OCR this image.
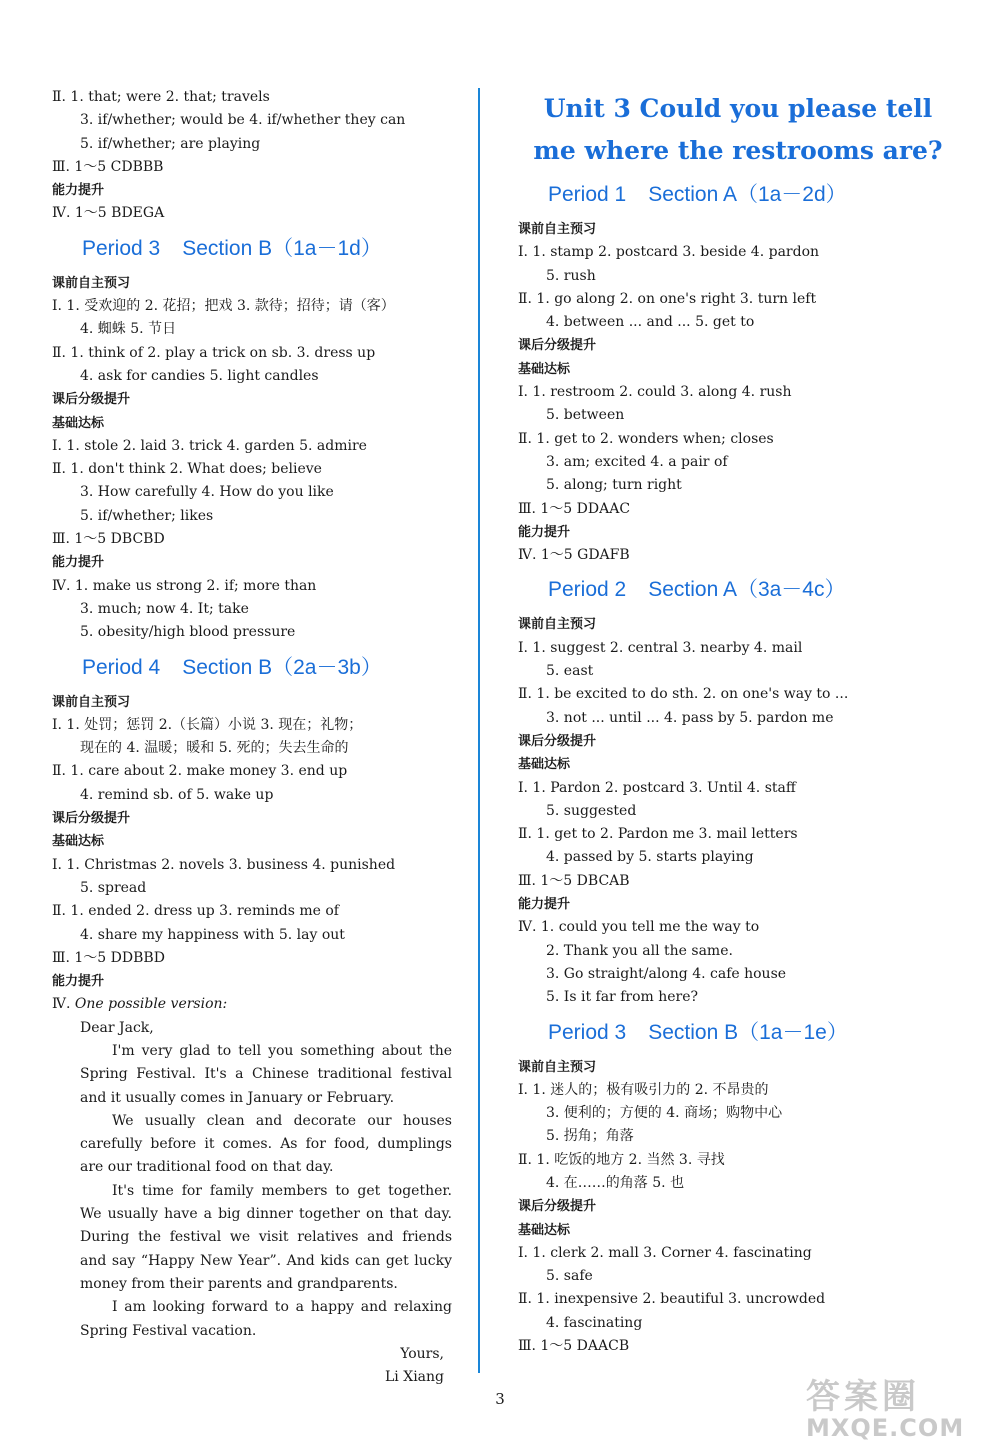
Ⅱ. 1. that; were 2. that; travels
3. if/whether; would be 4. if/whether they can
5. if/whether; are playing
Ⅲ. 1～5 CDBBB
能力提升
Ⅳ. 1～5 BDEGA
Period 3 Section B（1a－1d）
课前自主预习
Ⅰ. 1. 受欢迎的 2. 花招；把戏 3. 款待；招待；请（客）
4. 蜘蛛 5. 节日
Ⅱ. 1. think of 2. play a trick on sb. 3. dress up
4. ask for candies 5. light candles
课后分级提升
基础达标
Ⅰ. 1. stole 2. laid 3. trick 4. garden 5. admire
Ⅱ. 1. don't think 2. What does; believe
3. How carefully 4. How do you like
5. if/whether; likes
Ⅲ. 1～5 DBCBD
能力提升
Ⅳ. 1. make us strong 2. if; more than
3. much; now 4. It; take
5. obesity/high blood pressure
Period 4 Section B（2a－3b）
课前自主预习
Ⅰ. 1. 处罚；惩罚 2.（长篇）小说 3. 现在；礼物；
现在的 4. 温暖；暖和 5. 死的；失去生命的
Ⅱ. 1. care about 2. make money 3. end up
4. remind sb. of 5. wake up
课后分级提升
基础达标
Ⅰ. 1. Christmas 2. novels 3. business 4. punished
5. spread
Ⅱ. 1. ended 2. dress up 3. reminds me of
4. share my happiness with 5. lay out
Ⅲ. 1～5 DDBBD
能力提升
Ⅳ. One possible version:
Dear Jack,
I'm very glad to tell you something about the Spring Festival. It's a Chinese traditional festival and it usually comes in January or February.
We usually clean and decorate our houses carefully before it comes. As for food, dumplings are our traditional food on that day.
It's time for family members to get together. We usually have a big dinner together on that day. During the festival we visit relatives and friends and say “Happy New Year”. And kids can get lucky money from their parents and grandparents.
I am looking forward to a happy and relaxing Spring Festival vacation.
Yours,
Li Xiang
Unit 3 Could you please tell
me where the restrooms are?
Period 1 Section A（1a－2d）
课前自主预习
Ⅰ. 1. stamp 2. postcard 3. beside 4. pardon
5. rush
Ⅱ. 1. go along 2. on one's right 3. turn left
4. between ... and ... 5. get to
课后分级提升
基础达标
Ⅰ. 1. restroom 2. could 3. along 4. rush
5. between
Ⅱ. 1. get to 2. wonders when; closes
3. am; excited 4. a pair of
5. along; turn right
Ⅲ. 1～5 DDAAC
能力提升
Ⅳ. 1～5 GDAFB
Period 2 Section A（3a－4c）
课前自主预习
Ⅰ. 1. suggest 2. central 3. nearby 4. mail
5. east
Ⅱ. 1. be excited to do sth. 2. on one's way to ...
3. not ... until ... 4. pass by 5. pardon me
课后分级提升
基础达标
Ⅰ. 1. Pardon 2. postcard 3. Until 4. staff
5. suggested
Ⅱ. 1. get to 2. Pardon me 3. mail letters
4. passed by 5. starts playing
Ⅲ. 1～5 DBCAB
能力提升
Ⅳ. 1. could you tell me the way to
2. Thank you all the same.
3. Go straight/along 4. cafe house
5. Is it far from here?
Period 3 Section B（1a－1e）
课前自主预习
Ⅰ. 1. 迷人的；极有吸引力的 2. 不昂贵的
3. 便利的；方便的 4. 商场；购物中心
5. 拐角；角落
Ⅱ. 1. 吃饭的地方 2. 当然 3. 寻找
4. 在……的角落 5. 也
课后分级提升
基础达标
Ⅰ. 1. clerk 2. mall 3. Corner 4. fascinating
5. safe
Ⅱ. 1. inexpensive 2. beautiful 3. uncrowded
4. fascinating
Ⅲ. 1～5 DAACB
3	答案圈
MXQE.COM
